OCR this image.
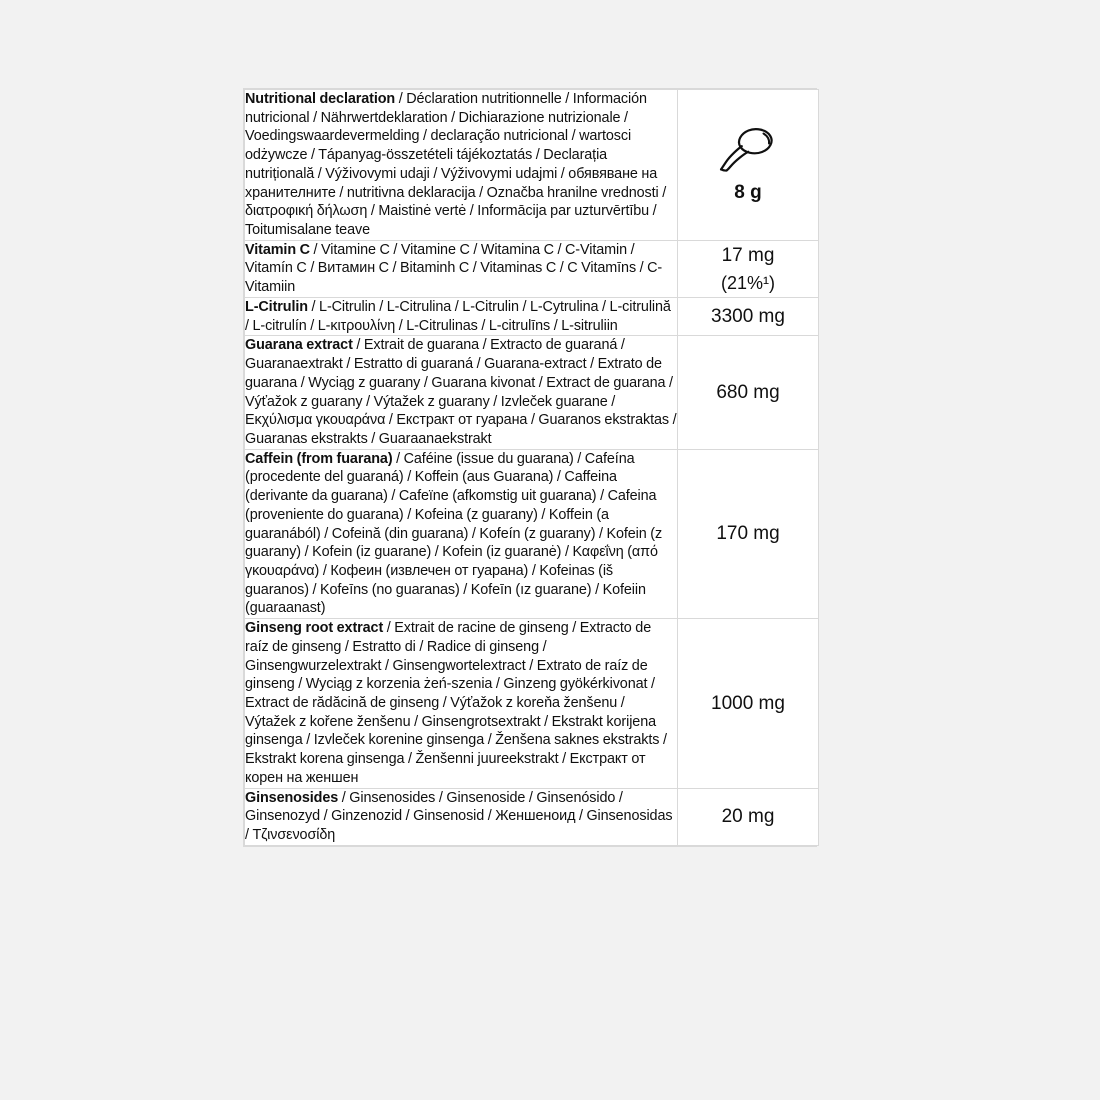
Nutritional declaration / Déclaration nutritionnelle / Información nutricional / Nährwertdeklaration / Dichiarazione nutrizionale / Voedingswaardevermelding / declaração nutricional / wartosci odżywcze / Tápanyag-összetételi tájékoztatás / Declarația nutrițională / Výživovymi udaji / Výživovymi udajmi / обявяване на хранителните / nutritivna deklaracija / Označba hranilne vrednosti / διατροφική δήλωση / Maistinė vertė / Informācija par uzturvērtību / Toitumisalane teave	8 g

Vitamin C / Vitamine C / Vitamine C / Witamina C / C-Vitamin / Vitamín C / Витамин C / Bitaminh C / Vitaminas C / C Vitamīns / C-Vitamiin	17 mg
(21%¹)

L-Citrulin / L-Citrulin / L-Citrulina / L-Citrulin / L-Cytrulina / L-citrulină / L-citrulín / L-κιτρουλίνη / L-Citrulinas / L-citrulīns / L-sitruliin	3300 mg
Guarana extract / Extrait de guarana / Extracto de guaraná / Guaranaextrakt / Estratto di guaraná / Guarana-extract / Extrato de guarana / Wyciąg z guarany / Guarana kivonat / Extract de guarana / Výťažok z guarany / Výtažek z guarany / Izvleček guarane / Εκχύλισμα γκουαράνα / Екстракт от гуарана / Guaranos ekstraktas / Guaranas ekstrakts / Guaraanaekstrakt	680 mg
Caffein (from fuarana) / Caféine (issue du guarana) / Cafeína (procedente del guaraná) / Koffein (aus Guarana) / Caffeina (derivante da guarana) / Cafeïne (afkomstig uit guarana) / Cafeina (proveniente do guarana) / Kofeina (z guarany) / Koffein (a guaranából) / Cofeină (din guarana) / Kofeín (z guarany) / Kofein (z guarany) / Kofein (iz guarane) / Kofein (iz guaranė) / Καφεΐνη (από γκουαράνα) / Кофеин (извлечен от гуарана) / Kofeinas (iš guaranos) / Kofeīns (no guaranas) / Kofeīn (ız guarane) / Kofeiin (guaraanast)	170 mg
Ginseng root extract / Extrait de racine de ginseng / Extracto de raíz de ginseng / Estratto di / Radice di ginseng / Ginsengwurzelextrakt / Ginsengwortelextract / Extrato de raíz de ginseng / Wyciąg z korzenia żeń-szenia / Ginzeng gyökérkivonat / Extract de rădăcină de ginseng / Výťažok z koreňa ženšenu / Výtažek z kořene ženšenu / Ginsengrotsextrakt / Ekstrakt korijena ginsenga / Izvleček korenine ginsenga / Ženšena saknes ekstrakts / Ekstrakt korena ginsenga / Ženšenni juureekstrakt / Екстракт от корен на женшен	1000 mg
Ginsenosides / Ginsenosides / Ginsenoside / Ginsenósido / Ginsenozyd / Ginzenozid / Ginsenosid / Женшеноид / Ginsenosidas / Τζινσενοσίδη	20 mg
